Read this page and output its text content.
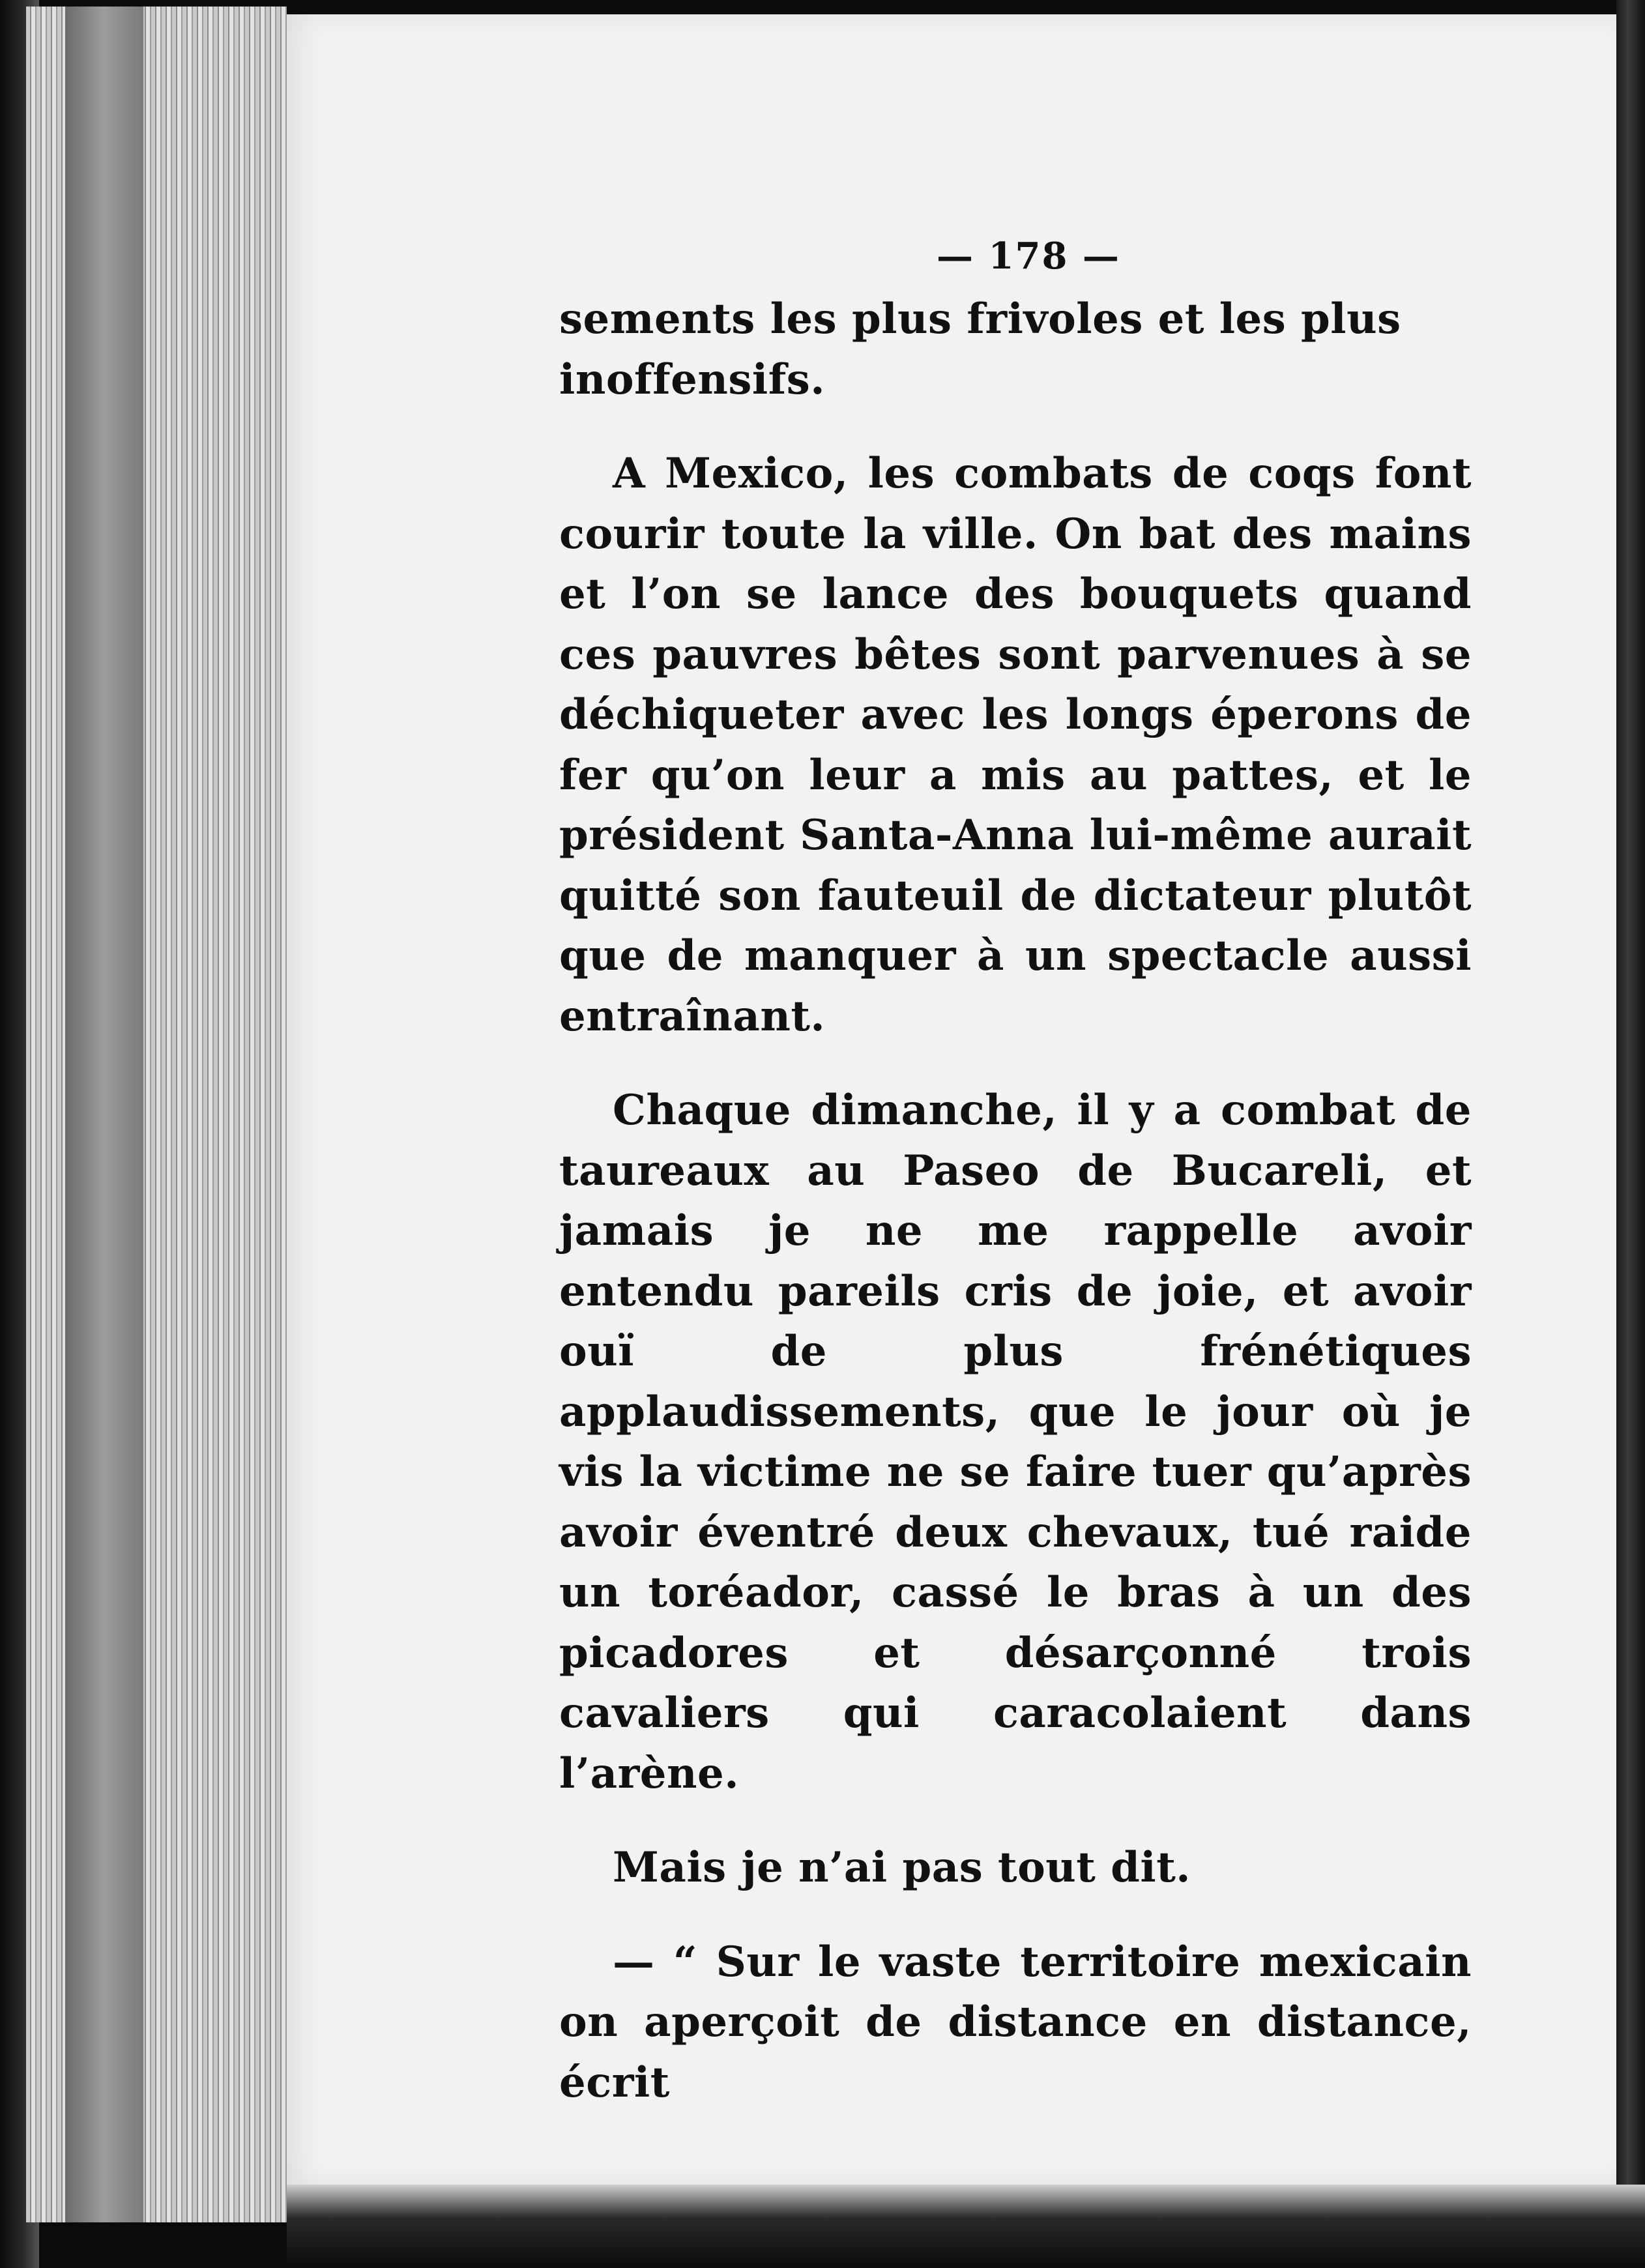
— 178 —

sements les plus frivoles et les plus inoffensifs.

A Mexico, les combats de coqs font courir toute la ville. On bat des mains et l’on se lance des bouquets quand ces pauvres bêtes sont parvenues à se déchiqueter avec les longs éperons de fer qu’on leur a mis au pattes, et le président Santa-Anna lui-même aurait quitté son fauteuil de dictateur plutôt que de manquer à un spectacle aussi entraînant.

Chaque dimanche, il y a combat de taureaux au Paseo de Bucareli, et jamais je ne me rappelle avoir entendu pareils cris de joie, et avoir ouï de plus frénétiques applaudissements, que le jour où je vis la victime ne se faire tuer qu’après avoir éventré deux chevaux, tué raide un toréador, cassé le bras à un des picadores et désarçonné trois cavaliers qui caracolaient dans l’arène.

Mais je n’ai pas tout dit.

— “ Sur le vaste territoire mexicain on aperçoit de distance en distance, écrit
